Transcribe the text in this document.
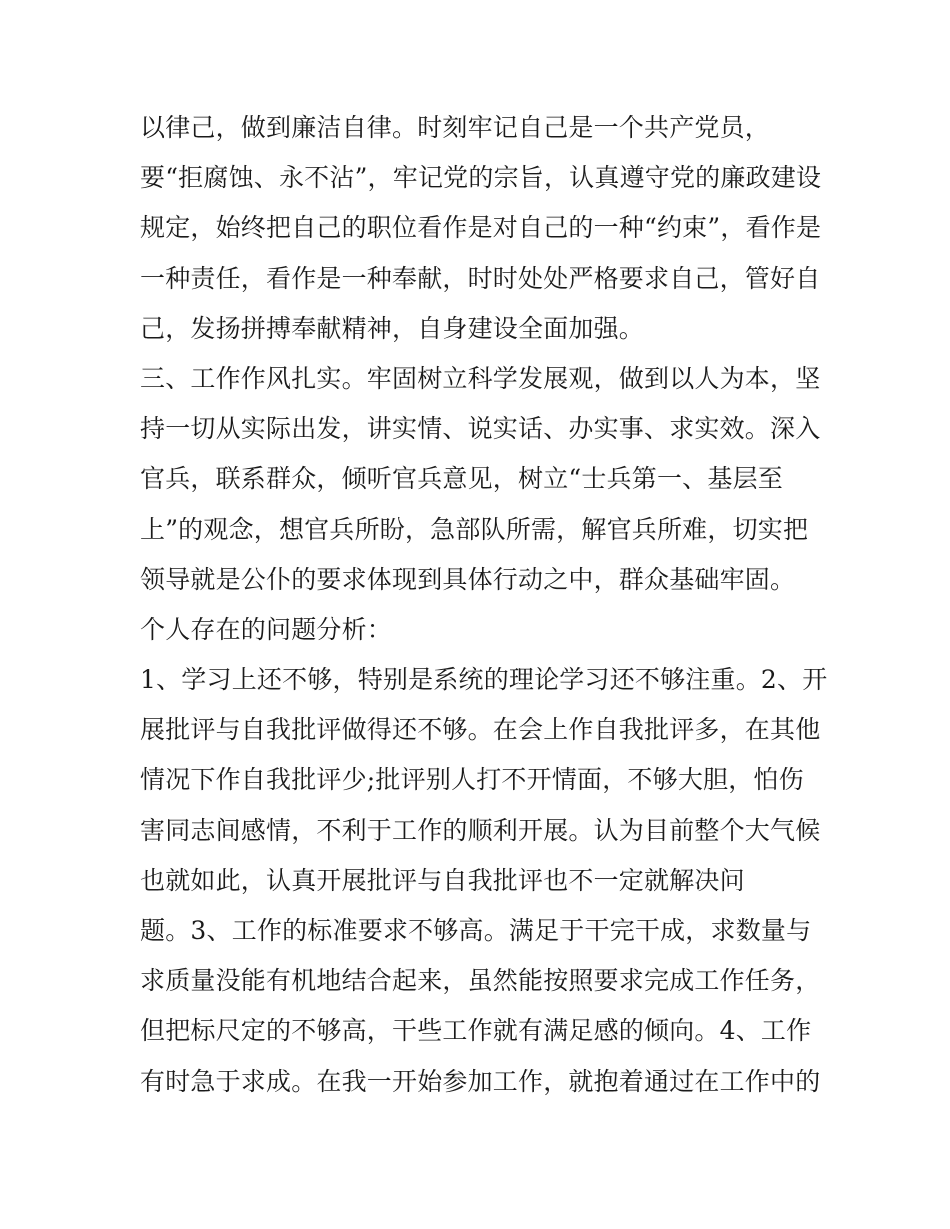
以律己，做到廉洁自律。时刻牢记自己是一个共产党员，
要“拒腐蚀、永不沾”，牢记党的宗旨，认真遵守党的廉政建设
规定，始终把自己的职位看作是对自己的一种“约束”，看作是
一种责任，看作是一种奉献，时时处处严格要求自己，管好自
己，发扬拼搏奉献精神，自身建设全面加强。
三、工作作风扎实。牢固树立科学发展观，做到以人为本，坚
持一切从实际出发，讲实情、说实话、办实事、求实效。深入
官兵，联系群众，倾听官兵意见，树立“士兵第一、基层至
上”的观念，想官兵所盼，急部队所需，解官兵所难，切实把
领导就是公仆的要求体现到具体行动之中，群众基础牢固。
个人存在的问题分析：
1、学习上还不够，特别是系统的理论学习还不够注重。2、开
展批评与自我批评做得还不够。在会上作自我批评多，在其他
情况下作自我批评少;批评别人打不开情面，不够大胆，怕伤
害同志间感情，不利于工作的顺利开展。认为目前整个大气候
也就如此，认真开展批评与自我批评也不一定就解决问
题。3、工作的标准要求不够高。满足于干完干成，求数量与
求质量没能有机地结合起来，虽然能按照要求完成工作任务，
但把标尺定的不够高，干些工作就有满足感的倾向。4、工作
有时急于求成。在我一开始参加工作，就抱着通过在工作中的
